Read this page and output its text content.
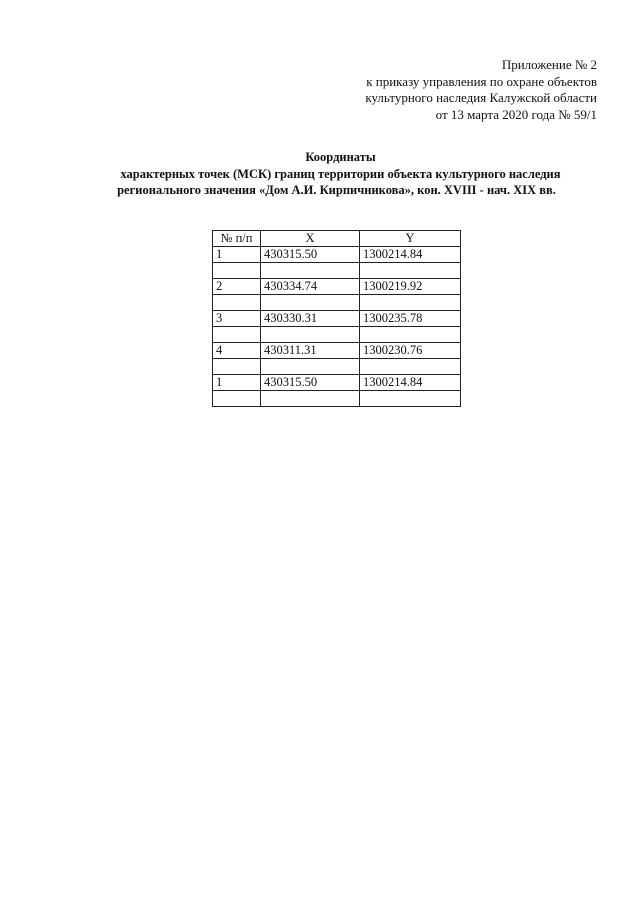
Приложение № 2
к приказу управления по охране объектов
культурного наследия Калужской области
от 13 марта 2020 года № 59/1
Координаты
характерных точек (МСК) границ территории объекта культурного наследия
регионального значения «Дом А.И. Кирпичникова», кон. XVIII - нач. XIX вв.
№ п/п	X	Y
1	430315.50	1300214.84

2	430334.74	1300219.92

3	430330.31	1300235.78

4	430311.31	1300230.76

1	430315.50	1300214.84
